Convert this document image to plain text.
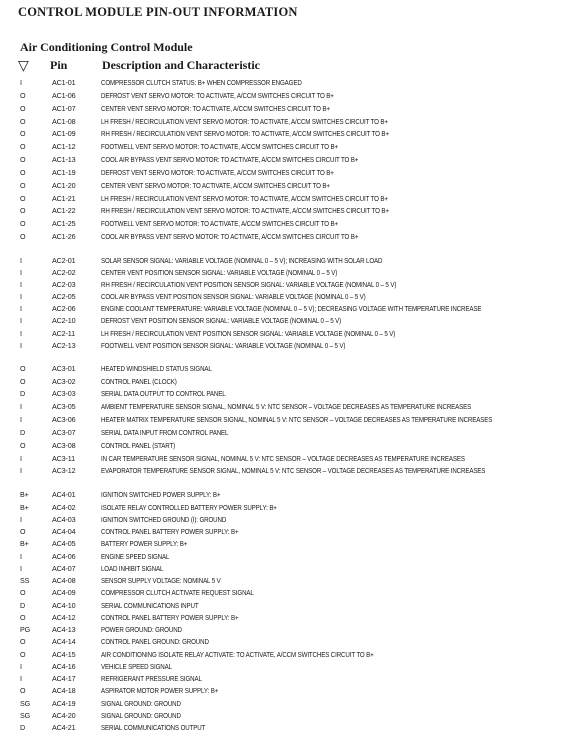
CONTROL MODULE PIN-OUT INFORMATION
Air Conditioning Control Module
▽ Pin	Description and Characteristic
I	AC1-01	COMPRESSOR CLUTCH STATUS: B+ WHEN COMPRESSOR ENGAGED
O	AC1-06	DEFROST VENT SERVO MOTOR: TO ACTIVATE, A/CCM SWITCHES CIRCUIT TO B+
O	AC1-07	CENTER VENT SERVO MOTOR: TO ACTIVATE, A/CCM SWITCHES CIRCUIT TO B+
O	AC1-08	LH FRESH / RECIRCULATION VENT SERVO MOTOR: TO ACTIVATE, A/CCM SWITCHES CIRCUIT TO B+
O	AC1-09	RH FRESH / RECIRCULATION VENT SERVO MOTOR: TO ACTIVATE, A/CCM SWITCHES CIRCUIT TO B+
O	AC1-12	FOOTWELL VENT SERVO MOTOR: TO ACTIVATE, A/CCM SWITCHES CIRCUIT TO B+
O	AC1-13	COOL AIR BYPASS VENT SERVO MOTOR: TO ACTIVATE, A/CCM SWITCHES CIRCUIT TO B+
O	AC1-19	DEFROST VENT SERVO MOTOR: TO ACTIVATE, A/CCM SWITCHES CIRCUIT TO B+
O	AC1-20	CENTER VENT SERVO MOTOR: TO ACTIVATE, A/CCM SWITCHES CIRCUIT TO B+
O	AC1-21	LH FRESH / RECIRCULATION VENT SERVO MOTOR: TO ACTIVATE, A/CCM SWITCHES CIRCUIT TO B+
O	AC1-22	RH FRESH / RECIRCULATION VENT SERVO MOTOR: TO ACTIVATE, A/CCM SWITCHES CIRCUIT TO B+
O	AC1-25	FOOTWELL VENT SERVO MOTOR: TO ACTIVATE, A/CCM SWITCHES CIRCUIT TO B+
O	AC1-26	COOL AIR BYPASS VENT SERVO MOTOR: TO ACTIVATE, A/CCM SWITCHES CIRCUIT TO B+
I	AC2-01	SOLAR SENSOR SIGNAL: VARIABLE VOLTAGE (NOMINAL 0 – 5 V); INCREASING WITH SOLAR LOAD
I	AC2-02	CENTER VENT POSITION SENSOR SIGNAL: VARIABLE VOLTAGE (NOMINAL 0 – 5 V)
I	AC2-03	RH FRESH / RECIRCULATION VENT POSITION SENSOR SIGNAL: VARIABLE VOLTAGE (NOMINAL 0 – 5 V)
I	AC2-05	COOL AIR BYPASS VENT POSITION SENSOR SIGNAL: VARIABLE VOLTAGE (NOMINAL 0 – 5 V)
I	AC2-06	ENGINE COOLANT TEMPERATURE: VARIABLE VOLTAGE (NOMINAL 0 – 5 V); DECREASING VOLTAGE WITH TEMPERATURE INCREASE
I	AC2-10	DEFROST VENT POSITION SENSOR SIGNAL: VARIABLE VOLTAGE (NOMINAL 0 – 5 V)
I	AC2-11	LH FRESH / RECIRCULATION VENT POSITION SENSOR SIGNAL: VARIABLE VOLTAGE (NOMINAL 0 – 5 V)
I	AC2-13	FOOTWELL VENT POSITION SENSOR SIGNAL: VARIABLE VOLTAGE (NOMINAL 0 – 5 V)
O	AC3-01	HEATED WINDSHIELD STATUS SIGNAL
O	AC3-02	CONTROL PANEL (CLOCK)
D	AC3-03	SERIAL DATA OUTPUT TO CONTROL PANEL
I	AC3-05	AMBIENT TEMPERATURE SENSOR SIGNAL, NOMINAL 5 V: NTC SENSOR – VOLTAGE DECREASES AS TEMPERATURE INCREASES
I	AC3-06	HEATER MATRIX TEMPERATURE SENSOR SIGNAL, NOMINAL 5 V: NTC SENSOR – VOLTAGE DECREASES AS TEMPERATURE INCREASES
D	AC3-07	SERIAL DATA INPUT FROM CONTROL PANEL
O	AC3-08	CONTROL PANEL (START)
I	AC3-11	IN CAR TEMPERATURE SENSOR SIGNAL, NOMINAL 5 V: NTC SENSOR – VOLTAGE DECREASES AS TEMPERATURE INCREASES
I	AC3-12	EVAPORATOR TEMPERATURE SENSOR SIGNAL, NOMINAL 5 V: NTC SENSOR – VOLTAGE DECREASES AS TEMPERATURE INCREASES
B+	AC4-01	IGNITION SWITCHED POWER SUPPLY: B+
B+	AC4-02	ISOLATE RELAY CONTROLLED BATTERY POWER SUPPLY: B+
I	AC4-03	IGNITION SWITCHED GROUND (I): GROUND
O	AC4-04	CONTROL PANEL BATTERY POWER SUPPLY: B+
B+	AC4-05	BATTERY POWER SUPPLY: B+
I	AC4-06	ENGINE SPEED SIGNAL
I	AC4-07	LOAD INHIBIT SIGNAL
SS	AC4-08	SENSOR SUPPLY VOLTAGE: NOMINAL 5 V
O	AC4-09	COMPRESSOR CLUTCH ACTIVATE REQUEST SIGNAL
D	AC4-10	SERIAL COMMUNICATIONS INPUT
O	AC4-12	CONTROL PANEL BATTERY POWER SUPPLY: B+
PG	AC4-13	POWER GROUND: GROUND
O	AC4-14	CONTROL PANEL GROUND: GROUND
O	AC4-15	AIR CONDITIONING ISOLATE RELAY ACTIVATE: TO ACTIVATE, A/CCM SWITCHES CIRCUIT TO B+
I	AC4-16	VEHICLE SPEED SIGNAL
I	AC4-17	REFRIGERANT PRESSURE SIGNAL
O	AC4-18	ASPIRATOR MOTOR POWER SUPPLY: B+
SG	AC4-19	SIGNAL GROUND: GROUND
SG	AC4-20	SIGNAL GROUND: GROUND
D	AC4-21	SERIAL COMMUNICATIONS OUTPUT
